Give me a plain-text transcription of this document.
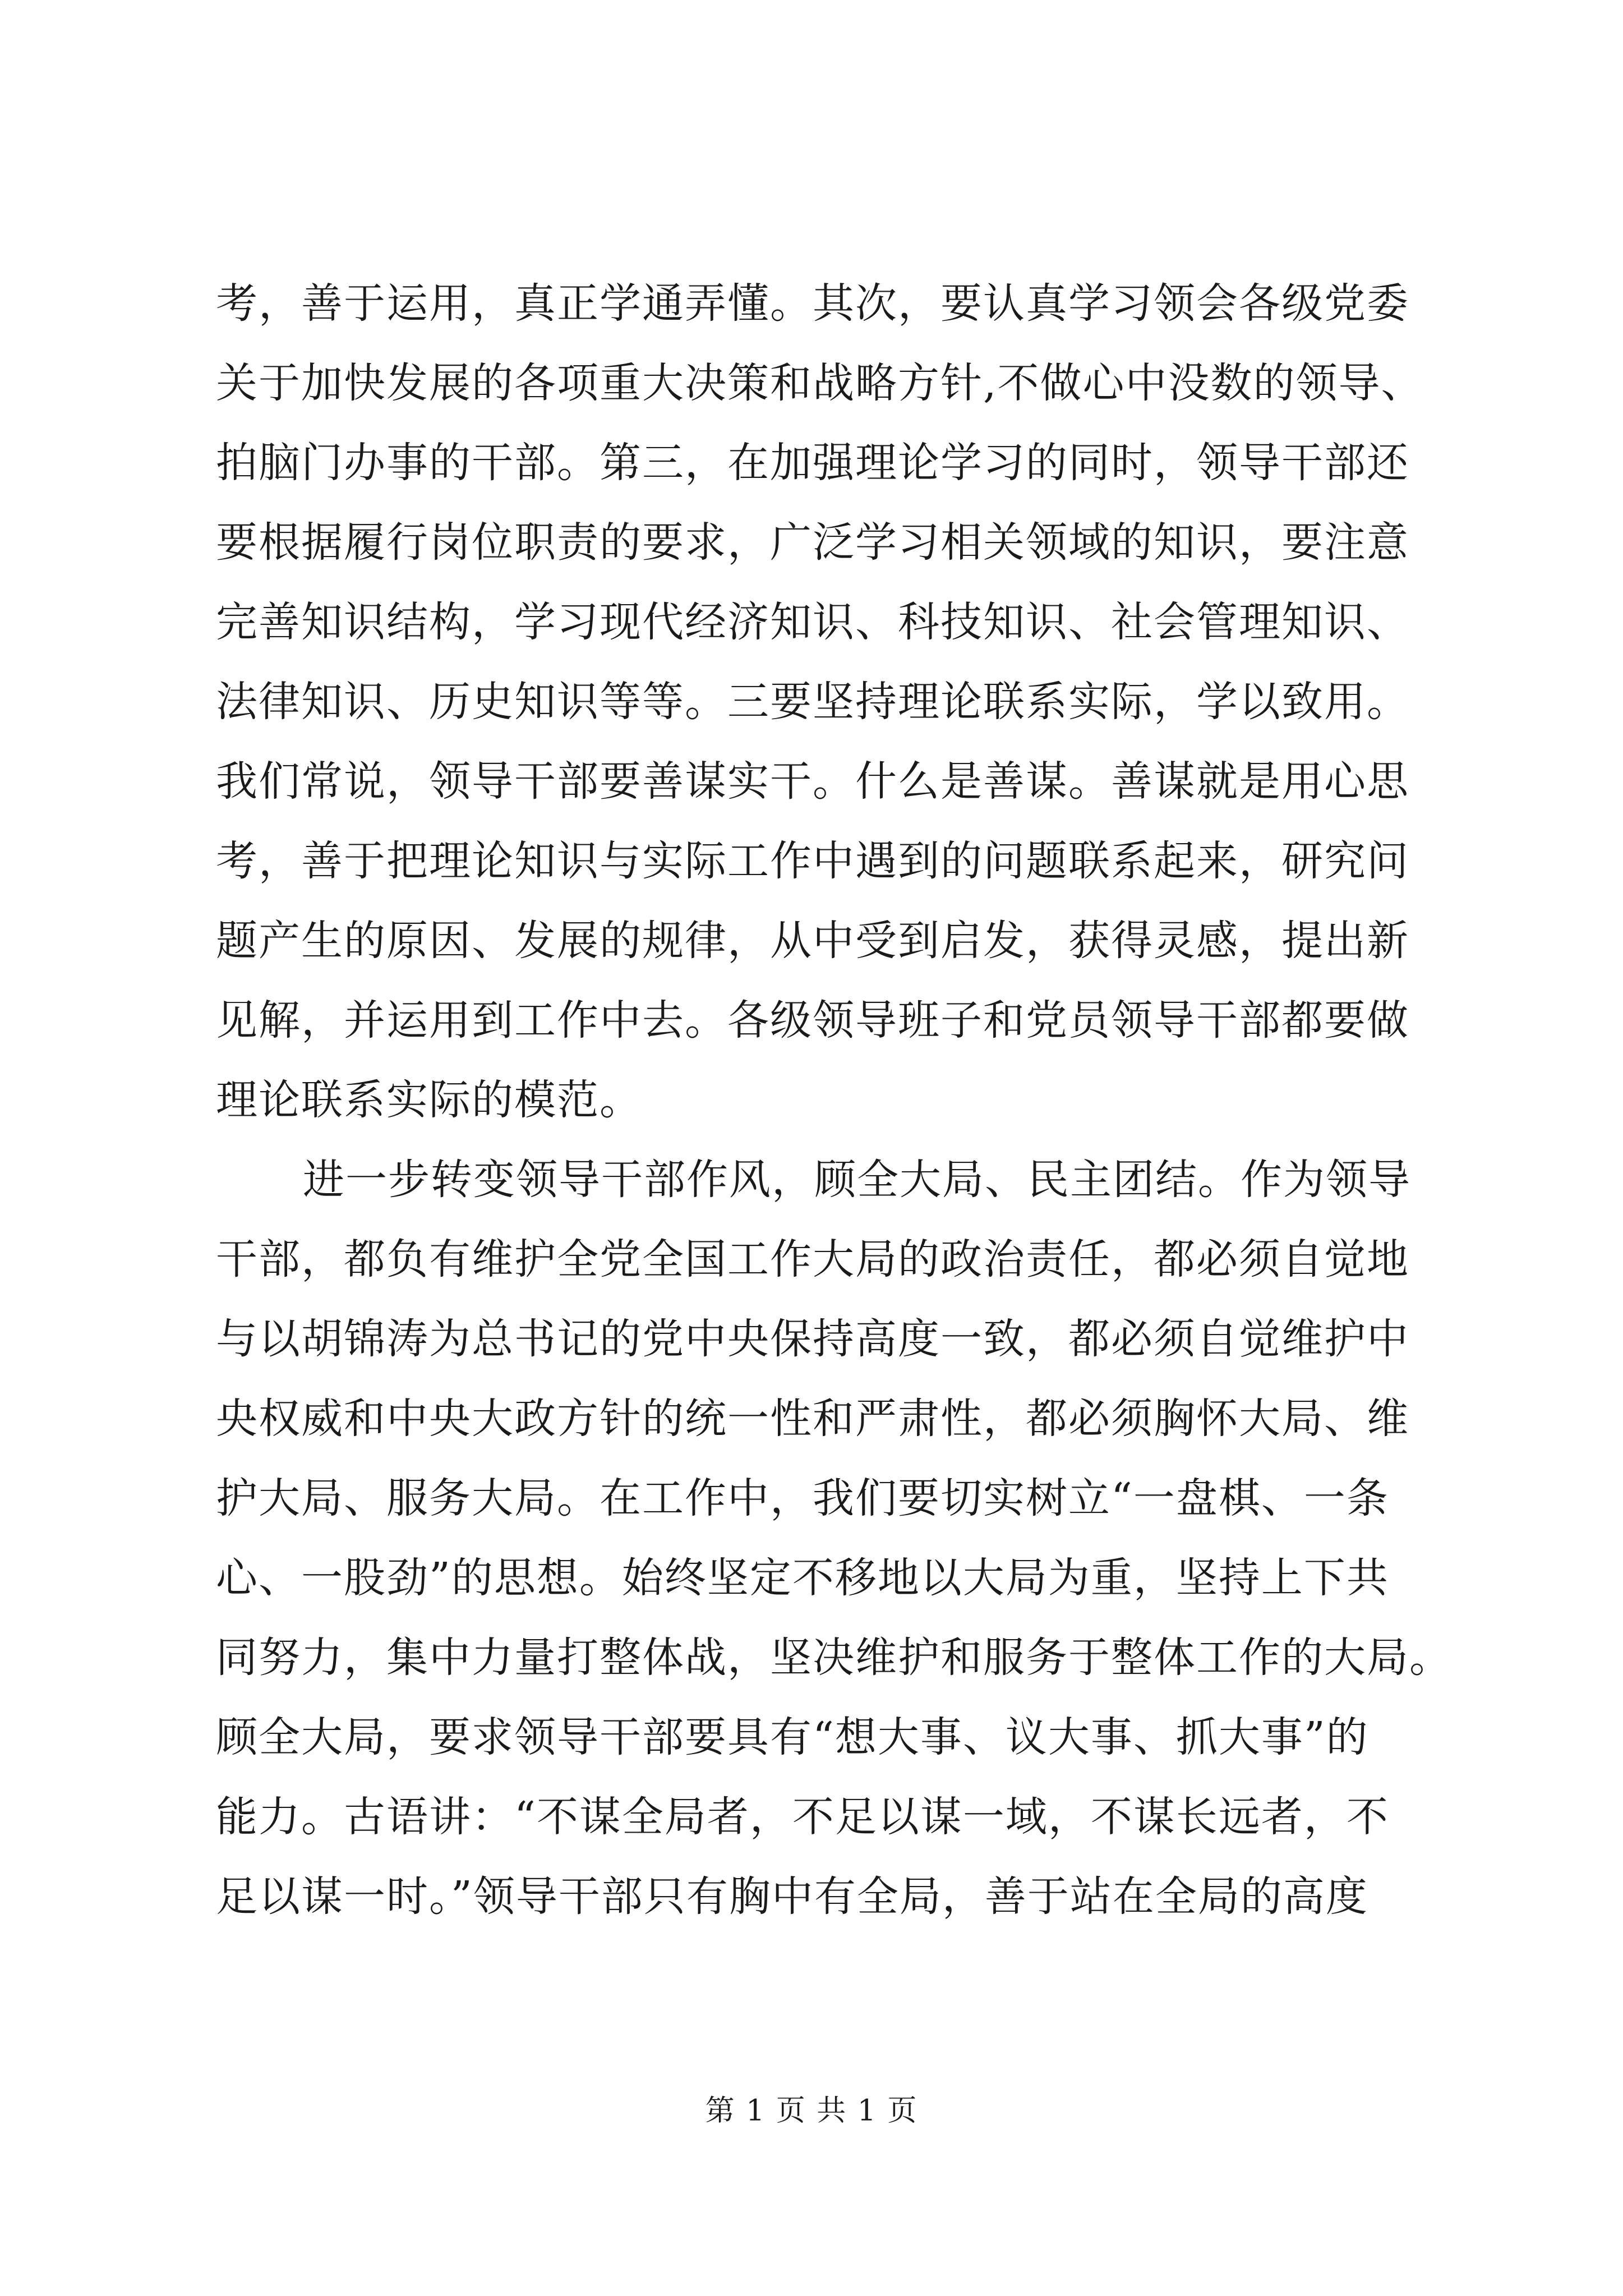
考，善于运用，真正学通弄懂。其次，要认真学习领会各级党委
关于加快发展的各项重大决策和战略方针,不做心中没数的领导、
拍脑门办事的干部。第三，在加强理论学习的同时，领导干部还
要根据履行岗位职责的要求，广泛学习相关领域的知识，要注意
完善知识结构，学习现代经济知识、科技知识、社会管理知识、
法律知识、历史知识等等。三要坚持理论联系实际，学以致用。
我们常说，领导干部要善谋实干。什么是善谋。善谋就是用心思
考，善于把理论知识与实际工作中遇到的问题联系起来，研究问
题产生的原因、发展的规律，从中受到启发，获得灵感，提出新
见解，并运用到工作中去。各级领导班子和党员领导干部都要做
理论联系实际的模范。
进一步转变领导干部作风，顾全大局、民主团结。作为领导
干部，都负有维护全党全国工作大局的政治责任，都必须自觉地
与以胡锦涛为总书记的党中央保持高度一致，都必须自觉维护中
央权威和中央大政方针的统一性和严肃性，都必须胸怀大局、维
护大局、服务大局。在工作中，我们要切实树立“一盘棋、一条
心、一股劲”的思想。始终坚定不移地以大局为重，坚持上下共
同努力，集中力量打整体战，坚决维护和服务于整体工作的大局。
顾全大局，要求领导干部要具有“想大事、议大事、抓大事”的
能力。古语讲：“不谋全局者，不足以谋一域，不谋长远者，不
足以谋一时。”领导干部只有胸中有全局，善于站在全局的高度
第 1 页 共 1 页
